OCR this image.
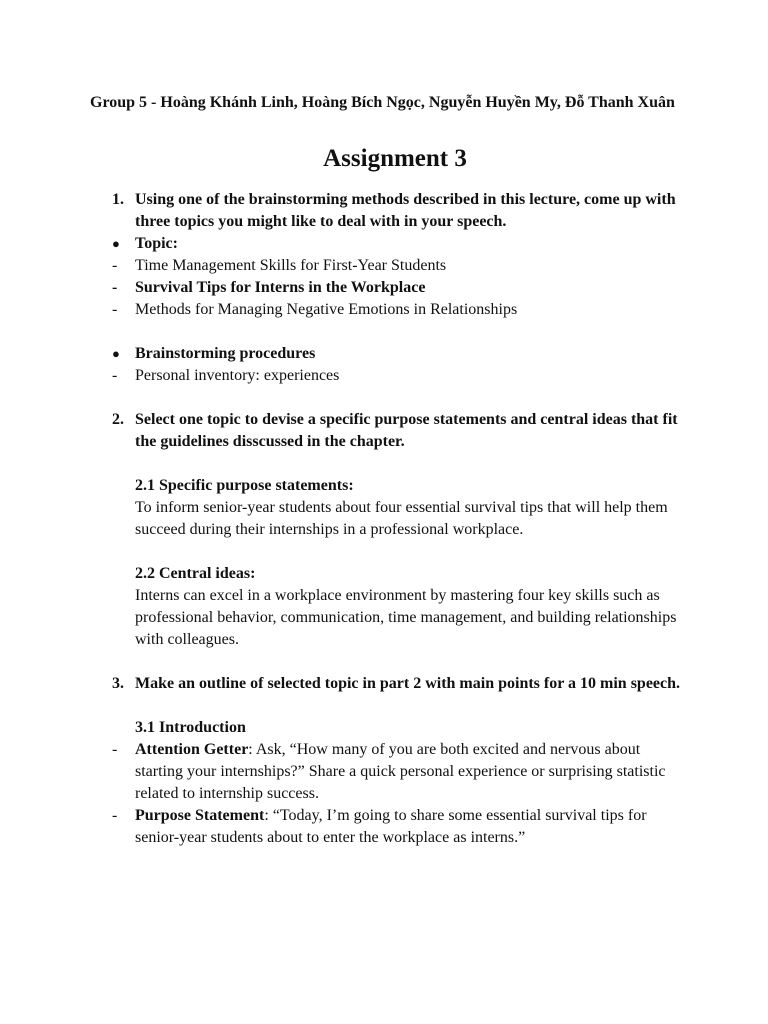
Group 5 - Hoàng Khánh Linh, Hoàng Bích Ngọc, Nguyễn Huyền My, Đỗ Thanh Xuân

Assignment 3
1. Using one of the brainstorming methods described in this lecture, come up with three topics you might like to deal with in your speech.
● Topic:
- Time Management Skills for First-Year Students
- Survival Tips for Interns in the Workplace
- Methods for Managing Negative Emotions in Relationships
● Brainstorming procedures
- Personal inventory: experiences
2. Select one topic to devise a specific purpose statements and central ideas that fit the guidelines disscussed in the chapter.
2.1 Specific purpose statements:
To inform senior-year students about four essential survival tips that will help them succeed during their internships in a professional workplace.
2.2 Central ideas:
Interns can excel in a workplace environment by mastering four key skills such as professional behavior, communication, time management, and building relationships with colleagues.
3. Make an outline of selected topic in part 2 with main points for a 10 min speech.
3.1 Introduction
- Attention Getter: Ask, “How many of you are both excited and nervous about starting your internships?” Share a quick personal experience or surprising statistic related to internship success.
- Purpose Statement: “Today, I’m going to share some essential survival tips for senior-year students about to enter the workplace as interns.”
